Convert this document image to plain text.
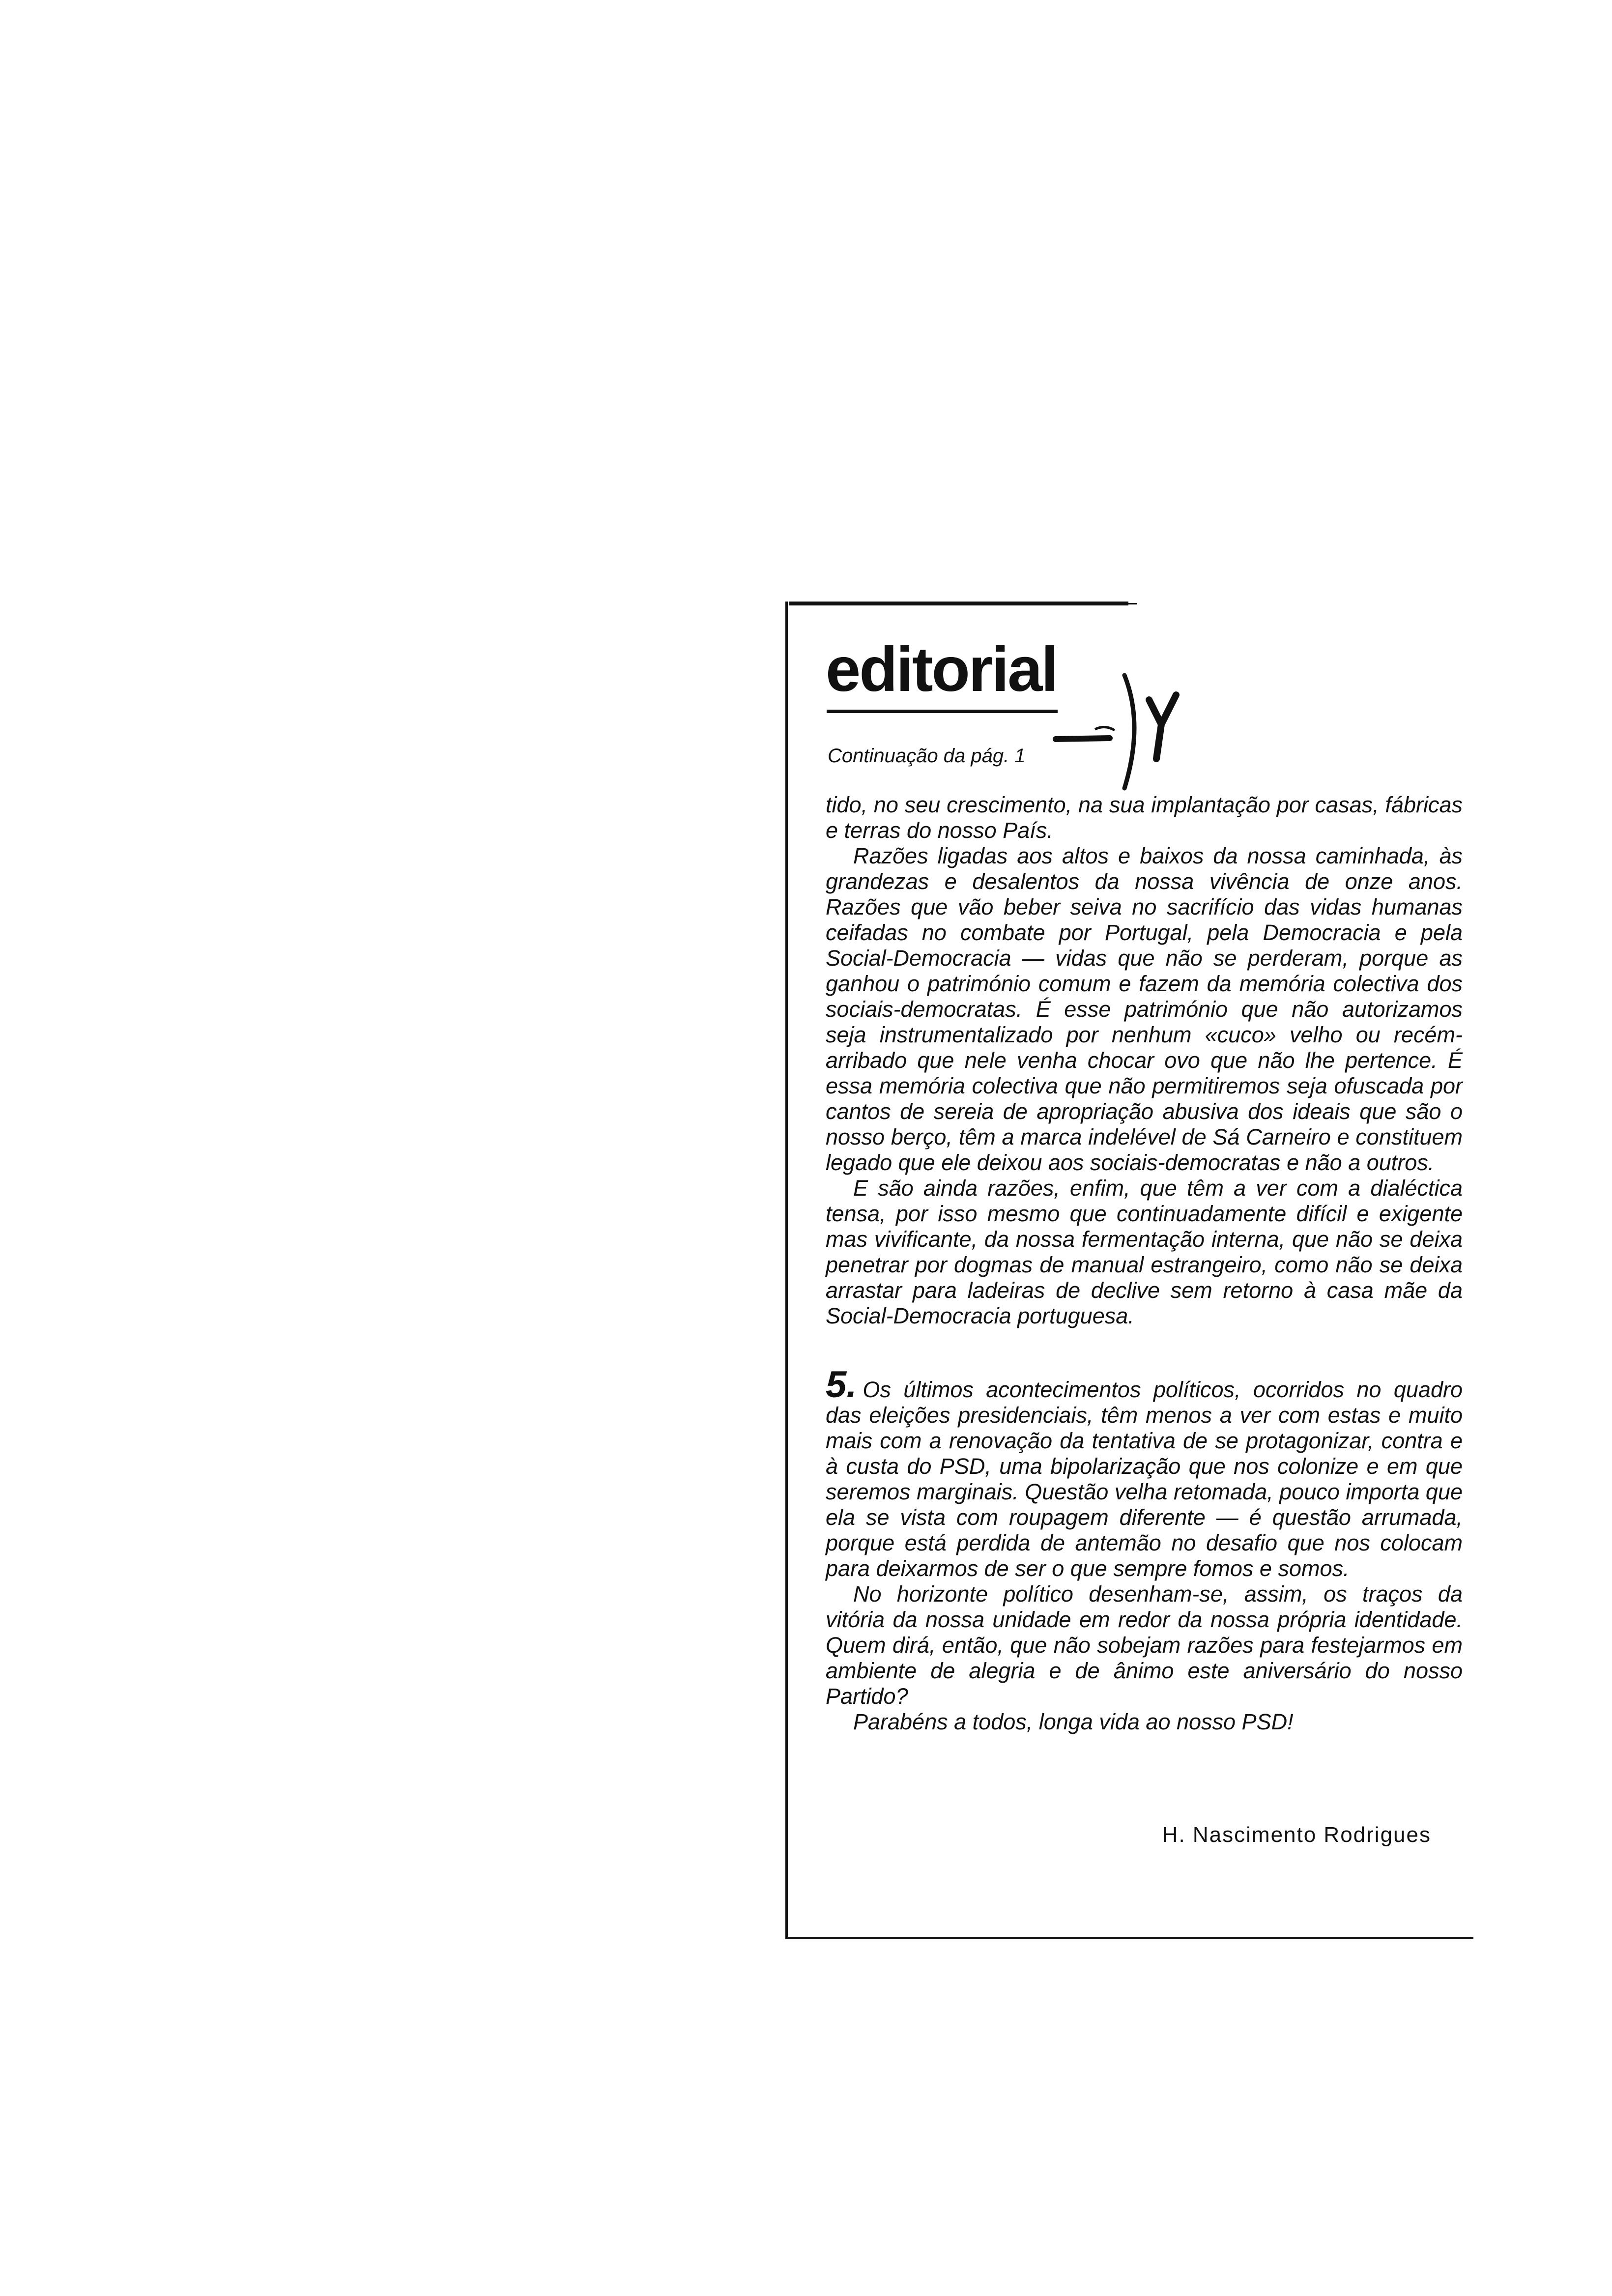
editorial
Continuação da pág. 1

tido, no seu crescimento, na sua implantação por casas, fábricas e terras do nosso País.

Razões ligadas aos altos e baixos da nossa caminhada, às grandezas e desalentos da nossa vivência de onze anos. Razões que vão beber seiva no sacrifício das vidas humanas ceifadas no combate por Portugal, pela Democracia e pela Social-Democracia — vidas que não se perderam, porque as ganhou o património comum e fazem da memória colectiva dos sociais-democratas. É esse património que não autorizamos seja instrumentalizado por nenhum «cuco» velho ou recém-arribado que nele venha chocar ovo que não lhe pertence. É essa memória colectiva que não permitiremos seja ofuscada por cantos de sereia de apropriação abusiva dos ideais que são o nosso berço, têm a marca indelével de Sá Carneiro e constituem legado que ele deixou aos sociais-democratas e não a outros.

E são ainda razões, enfim, que têm a ver com a dialéctica tensa, por isso mesmo que continuadamente difícil e exigente mas vivificante, da nossa fermentação interna, que não se deixa penetrar por dogmas de manual estrangeiro, como não se deixa arrastar para ladeiras de declive sem retorno à casa mãe da Social-Democracia portuguesa.

5. Os últimos acontecimentos políticos, ocorridos no quadro das eleições presidenciais, têm menos a ver com estas e muito mais com a renovação da tentativa de se protagonizar, contra e à custa do PSD, uma bipolarização que nos colonize e em que seremos marginais. Questão velha retomada, pouco importa que ela se vista com roupagem diferente — é questão arrumada, porque está perdida de antemão no desafio que nos colocam para deixarmos de ser o que sempre fomos e somos.

No horizonte político desenham-se, assim, os traços da vitória da nossa unidade em redor da nossa própria identidade. Quem dirá, então, que não sobejam razões para festejarmos em ambiente de alegria e de ânimo este aniversário do nosso Partido?

Parabéns a todos, longa vida ao nosso PSD!

H. Nascimento Rodrigues
